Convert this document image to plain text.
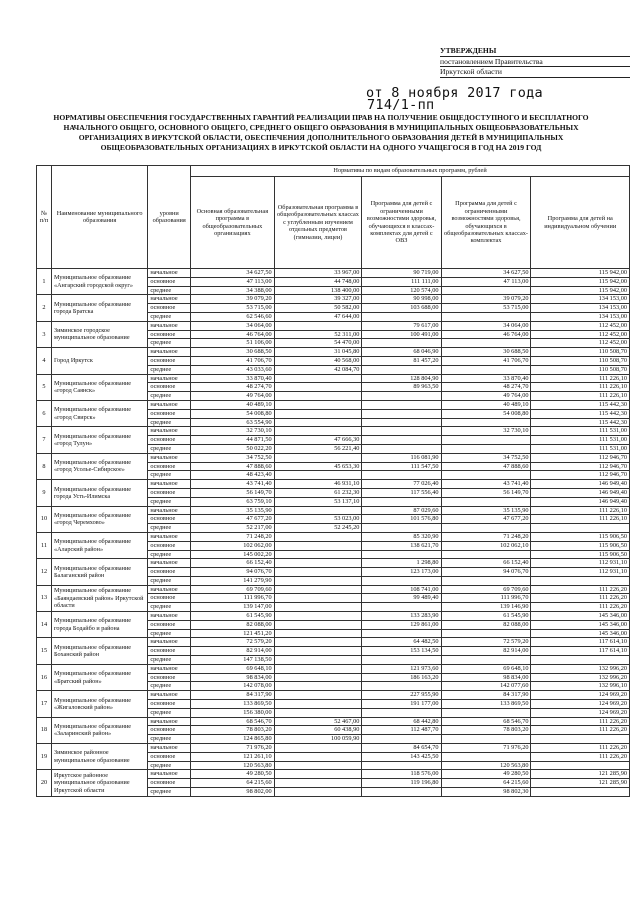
УТВЕРЖДЕНЫ
постановлением Правительства
Иркутской области
от 8 ноября 2017 года
714/1-пп
НОРМАТИВЫ ОБЕСПЕЧЕНИЯ ГОСУДАРСТВЕННЫХ ГАРАНТИЙ РЕАЛИЗАЦИИ ПРАВ НА ПОЛУЧЕНИЕ ОБЩЕДОСТУПНОГО И БЕСПЛАТНОГО НАЧАЛЬНОГО ОБЩЕГО, ОСНОВНОГО ОБЩЕГО, СРЕДНЕГО ОБЩЕГО ОБРАЗОВАНИЯ В МУНИЦИПАЛЬНЫХ ОБЩЕОБРАЗОВАТЕЛЬНЫХ ОРГАНИЗАЦИЯХ В ИРКУТСКОЙ ОБЛАСТИ, ОБЕСПЕЧЕНИЯ ДОПОЛНИТЕЛЬНОГО ОБРАЗОВАНИЯ ДЕТЕЙ В МУНИЦИПАЛЬНЫХ ОБЩЕОБРАЗОВАТЕЛЬНЫХ ОРГАНИЗАЦИЯХ В ИРКУТСКОЙ ОБЛАСТИ НА ОДНОГО УЧАЩЕГОСЯ В ГОД НА 2019 ГОД
№ п/п	Наименование муниципального образования	уровни образования	Нормативы по видам образовательных программ, рублей				
			Основная образовательная программа в общеобразовательных организациях	Образовательная программа в общеобразовательных классах с углубленным изучением отдельных предметов (гимназии, лицеи)	Программа для детей с ограниченными возможностями здоровья, обучающихся в классах-комплектах для детей с ОВЗ	Программа для детей с ограниченными возможностями здоровья, обучающихся в общеобразовательных классах-комплектах	Программа для детей на индивидуальном обучении
1	Муниципальное образование «Ангарский городской округ»	начальное	34 627,50	33 967,00	90 719,00	34 627,50	115 942,00
		основное	47 113,00	44 748,00	111 111,00	47 113,00	115 942,00
		среднее	34 388,00	138 400,00	120 574,00		115 942,00
2	Муниципальное образование города Братска	начальное	39 079,20	39 327,00	90 998,00	39 079,20	134 153,00
		основное	53 715,00	50 582,00	103 688,00	53 715,00	134 153,00
		среднее	62 546,60	47 644,00			134 153,00
3	Зиминское городское муниципальное образование	начальное	34 064,00		79 617,00	34 064,00	112 452,00
		основное	46 764,00	52 311,00	100 491,00	46 764,00	112 452,00
		среднее	51 106,00	54 470,00			112 452,00
4	Город Иркутск	начальное	30 688,50	31 045,80	68 046,90	30 688,50	110 508,70
		основное	41 706,70	40 568,00	81 457,20	41 706,70	110 508,70
		среднее	43 033,60	42 084,70			110 508,70
5	Муниципальное образование «город Саянск»	начальное	33 870,40		128 804,90	33 870,40	111 226,10
		основное	48 274,70		89 963,50	48 274,70	111 226,10
		среднее	49 764,00			49 764,00	111 226,10
6	Муниципальное образование «город Свирск»	начальное	40 489,10			40 489,10	115 442,30
		основное	54 008,80			54 008,80	115 442,30
		среднее	63 554,90				115 442,30
7	Муниципальное образование «город Тулун»	начальное	32 730,10			32 730,10	111 531,00
		основное	44 871,50	47 666,30			111 531,00
		среднее	50 022,20	56 221,40			111 531,00
8	Муниципальное образование «город Усолье-Сибирское»	начальное	34 752,50		116 081,90	34 752,50	112 946,70
		основное	47 888,60	45 653,30	111 547,50	47 888,60	112 946,70
		среднее	48 423,40				112 946,70
9	Муниципальное образование города Усть-Илимска	начальное	43 741,40	46 931,10	77 026,40	43 741,40	146 949,40
		основное	56 149,70	61 232,30	117 556,40	56 149,70	146 949,40
		среднее	63 759,10	53 137,10			146 949,40
10	Муниципальное образование «город Черемхово»	начальное	35 135,90		87 029,60	35 135,90	111 226,10
		основное	47 677,20	53 023,00	101 576,80	47 677,20	111 226,10
		среднее	52 217,00	52 245,20			
11	Муниципальное образование «Аларский район»	начальное	71 248,20		85 320,90	71 248,20	115 906,50
		основное	102 062,00		138 621,70	102 062,10	115 906,50
		среднее	145 002,20				115 906,50
12	Муниципальное образование Балаганский район	начальное	66 152,40		1 298,80	66 152,40	112 931,10
		основное	94 076,70		123 173,00	94 076,70	112 931,10
		среднее	141 279,90				
13	Муниципальное образование «Баяндаевский район» Иркутской области	начальное	69 709,60		108 741,00	69 709,60	111 226,20
		основное	111 996,70		99 489,40	111 996,70	111 226,20
		среднее	139 147,00			139 146,90	111 226,20
14	Муниципальное образование города Бодайбо и района	начальное	61 545,90		133 283,90	61 545,90	145 346,00
		основное	82 088,00		129 861,00	82 088,00	145 346,00
		среднее	121 451,20				145 346,00
15	Муниципальное образование Боханский район	начальное	72 579,20		64 482,50	72 579,20	117 614,10
		основное	82 914,00		153 134,50	82 914,00	117 614,10
		среднее	147 138,50				
16	Муниципальное образование «Братский район»	начальное	69 648,10		121 973,60	69 648,10	132 996,20
		основное	98 834,00		186 163,20	98 834,00	132 996,20
		среднее	142 078,00			142 077,60	132 996,10
17	Муниципальное образование «Жигаловский район»	начальное	84 317,90		227 955,90	84 317,90	124 969,20
		основное	133 869,50		191 177,00	133 869,50	124 969,20
		среднее	156 380,00				124 969,20
18	Муниципальное образование «Заларинский район»	начальное	68 546,70	52 467,00	68 442,80	68 546,70	111 226,20
		основное	78 803,20	60 438,90	112 487,70	78 803,20	111 226,20
		среднее	124 865,80	100 059,90			
19	Зиминское районное муниципальное образование	начальное	71 976,20		84 654,70	71 976,20	111 226,20
		основное	121 261,10		143 425,50		111 226,20
		среднее	120 563,80			120 563,80	
20	Иркутское районное муниципальное образование Иркутской области	начальное	49 280,50		118 576,00	49 280,50	121 285,90
		основное	64 215,60		119 196,80	64 215,60	121 285,90
		среднее	98 802,00			98 802,30	
